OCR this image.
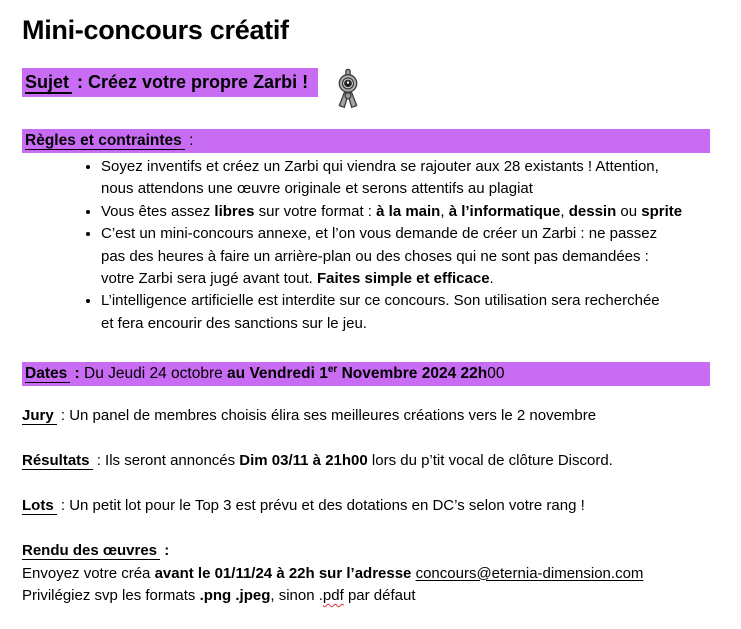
Mini-concours créatif
Sujet : Créez votre propre Zarbi !
Règles et contraintes :
• Soyez inventifs et créez un Zarbi qui viendra se rajouter aux 28 existants ! Attention,
nous attendons une œuvre originale et serons attentifs au plagiat
• Vous êtes assez libres sur votre format : à la main, à l’informatique, dessin ou sprite
• C’est un mini-concours annexe, et l’on vous demande de créer un Zarbi : ne passez
pas des heures à faire un arrière-plan ou des choses qui ne sont pas demandées :
votre Zarbi sera jugé avant tout. Faites simple et efficace.
• L’intelligence artificielle est interdite sur ce concours. Son utilisation sera recherchée
et fera encourir des sanctions sur le jeu.
Dates : Du Jeudi 24 octobre au Vendredi 1er Novembre 2024 22h00

Jury : Un panel de membres choisis élira ses meilleures créations vers le 2 novembre

Résultats : Ils seront annoncés Dim 03/11 à 21h00 lors du p’tit vocal de clôture Discord.

Lots : Un petit lot pour le Top 3 est prévu et des dotations en DC’s selon votre rang !

Rendu des œuvres :
Envoyez votre créa avant le 01/11/24 à 22h sur l’adresse concours@eternia-dimension.com
Privilégiez svp les formats .png .jpeg, sinon .pdf par défaut
